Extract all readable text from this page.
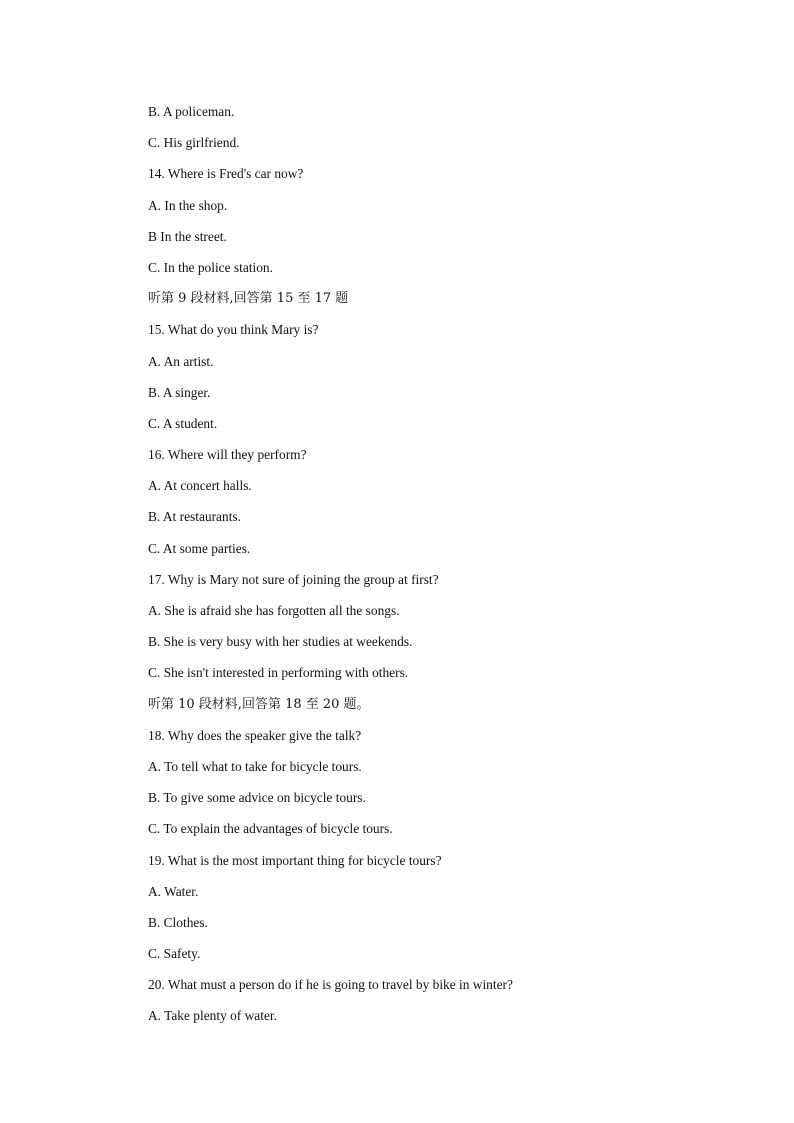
B. A policeman.
C. His girlfriend.
14. Where is Fred's car now?
A. In the shop.
B In the street.
C. In the police station.
听第 9 段材料,回答第 15 至 17 题
15. What do you think Mary is?
A. An artist.
B. A singer.
C. A student.
16. Where will they perform?
A. At concert halls.
B. At restaurants.
C. At some parties.
17. Why is Mary not sure of joining the group at first?
A. She is afraid she has forgotten all the songs.
B. She is very busy with her studies at weekends.
C. She isn't interested in performing with others.
听第 10 段材料,回答第 18 至 20 题。
18. Why does the speaker give the talk?
A. To tell what to take for bicycle tours.
B. To give some advice on bicycle tours.
C. To explain the advantages of bicycle tours.
19. What is the most important thing for bicycle tours?
A. Water.
B. Clothes.
C. Safety.
20. What must a person do if he is going to travel by bike in winter?
A. Take plenty of water.
